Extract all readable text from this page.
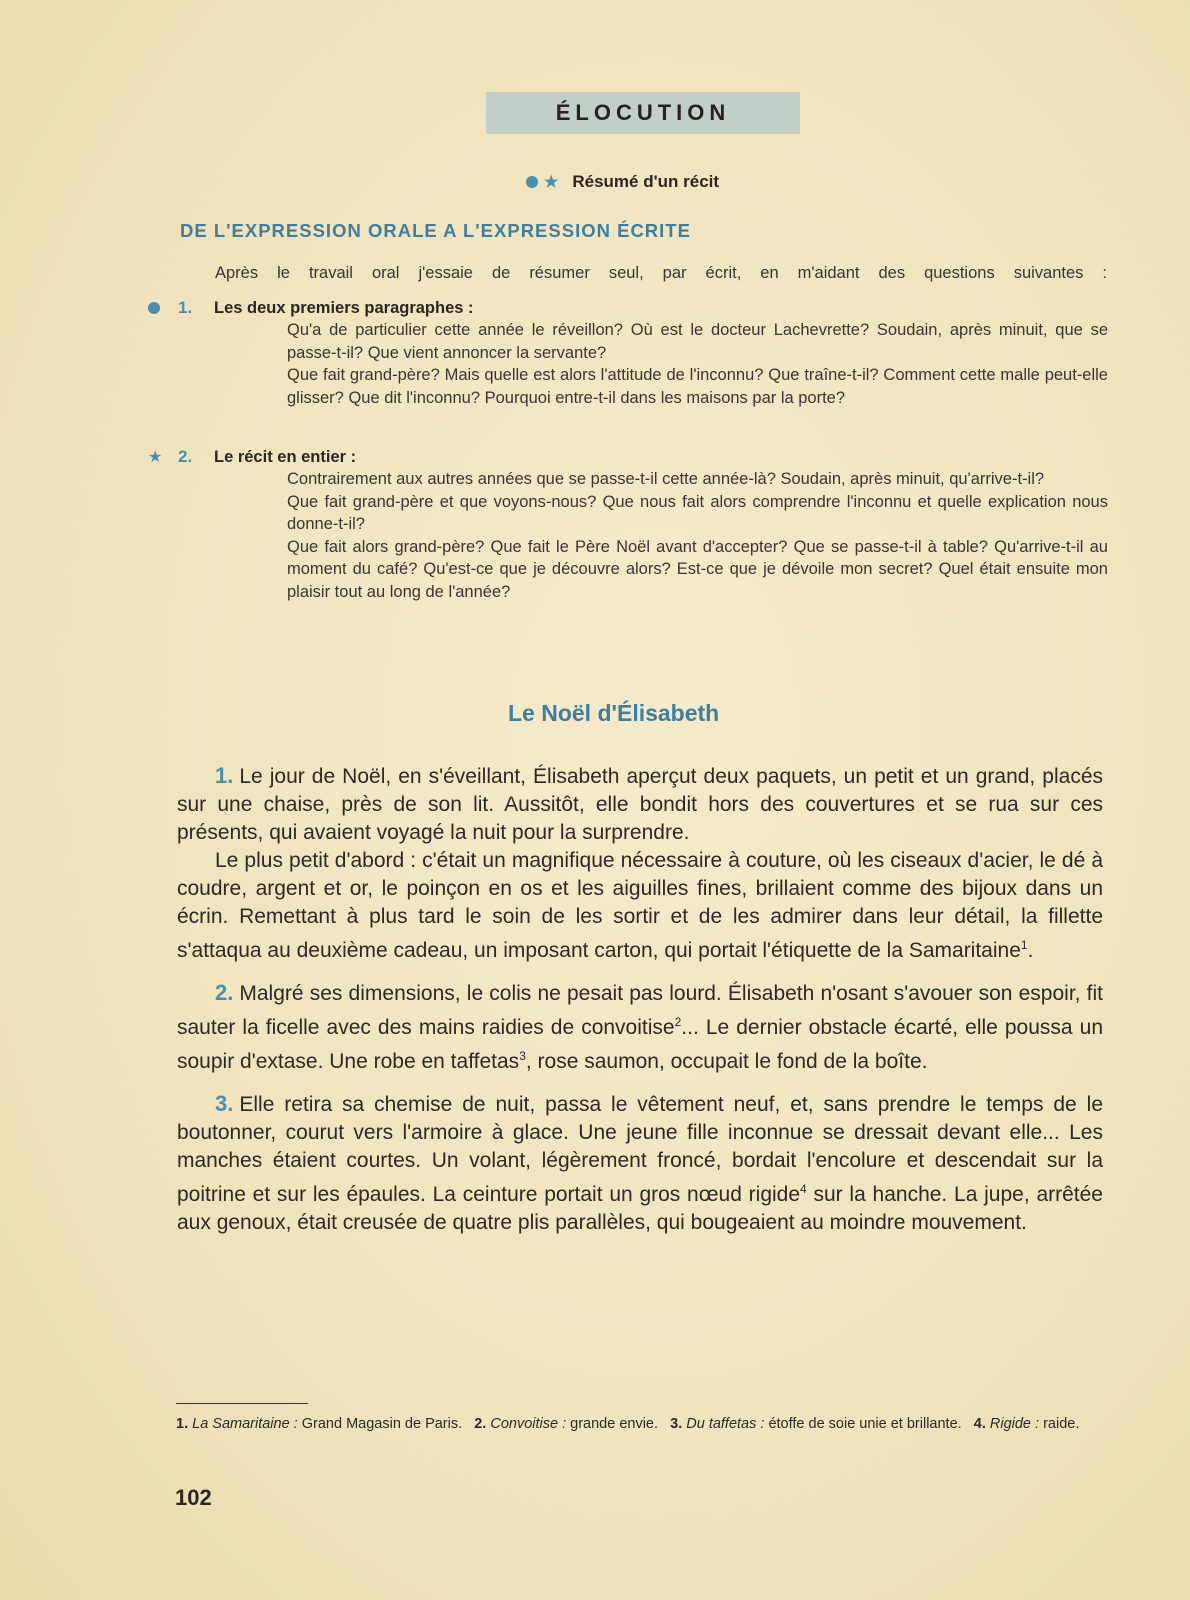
ÉLOCUTION
★ Résumé d'un récit
DE L'EXPRESSION ORALE A L'EXPRESSION ÉCRITE
Après le travail oral j'essaie de résumer seul, par écrit, en m'aidant des questions suivantes :
1.	Les deux premiers paragraphes :

Qu'a de particulier cette année le réveillon? Où est le docteur Lachevrette? Soudain, après minuit, que se passe-t-il? Que vient annoncer la servante?

Que fait grand-père? Mais quelle est alors l'attitude de l'inconnu? Que traîne-t-il? Comment cette malle peut-elle glisser? Que dit l'inconnu? Pourquoi entre-t-il dans les maisons par la porte?

★ 2.	Le récit en entier :

Contrairement aux autres années que se passe-t-il cette année-là? Soudain, après minuit, qu'arrive-t-il?

Que fait grand-père et que voyons-nous? Que nous fait alors comprendre l'inconnu et quelle explication nous donne-t-il?

Que fait alors grand-père? Que fait le Père Noël avant d'accepter? Que se passe-t-il à table? Qu'arrive-t-il au moment du café? Qu'est-ce que je découvre alors? Est-ce que je dévoile mon secret? Quel était ensuite mon plaisir tout au long de l'année?

Le Noël d'Élisabeth

1. Le jour de Noël, en s'éveillant, Élisabeth aperçut deux paquets, un petit et un grand, placés sur une chaise, près de son lit. Aussitôt, elle bondit hors des couvertures et se rua sur ces présents, qui avaient voyagé la nuit pour la surprendre.

Le plus petit d'abord : c'était un magnifique nécessaire à couture, où les ciseaux d'acier, le dé à coudre, argent et or, le poinçon en os et les aiguilles fines, brillaient comme des bijoux dans un écrin. Remettant à plus tard le soin de les sortir et de les admirer dans leur détail, la fillette s'attaqua au deuxième cadeau, un imposant carton, qui portait l'étiquette de la Samaritaine$^1$.

2. Malgré ses dimensions, le colis ne pesait pas lourd. Élisabeth n'osant s'avouer son espoir, fit sauter la ficelle avec des mains raidies de convoitise$^2$... Le dernier obstacle écarté, elle poussa un soupir d'extase. Une robe en taffetas$^3$, rose saumon, occupait le fond de la boîte.

3. Elle retira sa chemise de nuit, passa le vêtement neuf, et, sans prendre le temps de le boutonner, courut vers l'armoire à glace. Une jeune fille inconnue se dressait devant elle... Les manches étaient courtes. Un volant, légèrement froncé, bordait l'encolure et descendait sur la poitrine et sur les épaules. La ceinture portait un gros nœud rigide$^4$ sur la hanche. La jupe, arrêtée aux genoux, était creusée de quatre plis parallèles, qui bougeaient au moindre mouvement.

1. La Samaritaine : Grand Magasin de Paris. 2. Convoitise : grande envie. 3. Du taffetas : étoffe de soie unie et brillante. 4. Rigide : raide.
102
